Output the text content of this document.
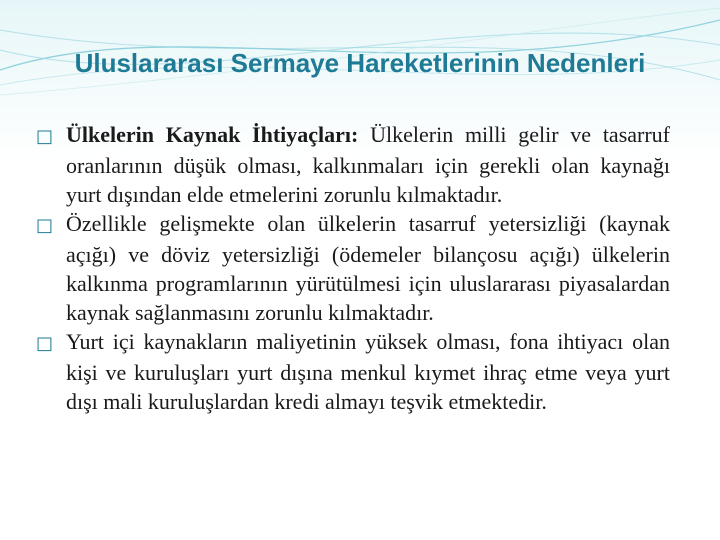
Uluslararası Sermaye Hareketlerinin Nedenleri

□ Ülkelerin Kaynak İhtiyaçları: Ülkelerin milli gelir ve tasarruf oranlarının düşük olması, kalkınmaları için gerekli olan kaynağı yurt dışından elde etmelerini zorunlu kılmaktadır.

□ Özellikle gelişmekte olan ülkelerin tasarruf yetersizliği (kaynak açığı) ve döviz yetersizliği (ödemeler bilançosu açığı) ülkelerin kalkınma programlarının yürütülmesi için uluslararası piyasalardan kaynak sağlanmasını zorunlu kılmaktadır.

□ Yurt içi kaynakların maliyetinin yüksek olması, fona ihtiyacı olan kişi ve kuruluşları yurt dışına menkul kıymet ihraç etme veya yurt dışı mali kuruluşlardan kredi almayı teşvik etmektedir.
